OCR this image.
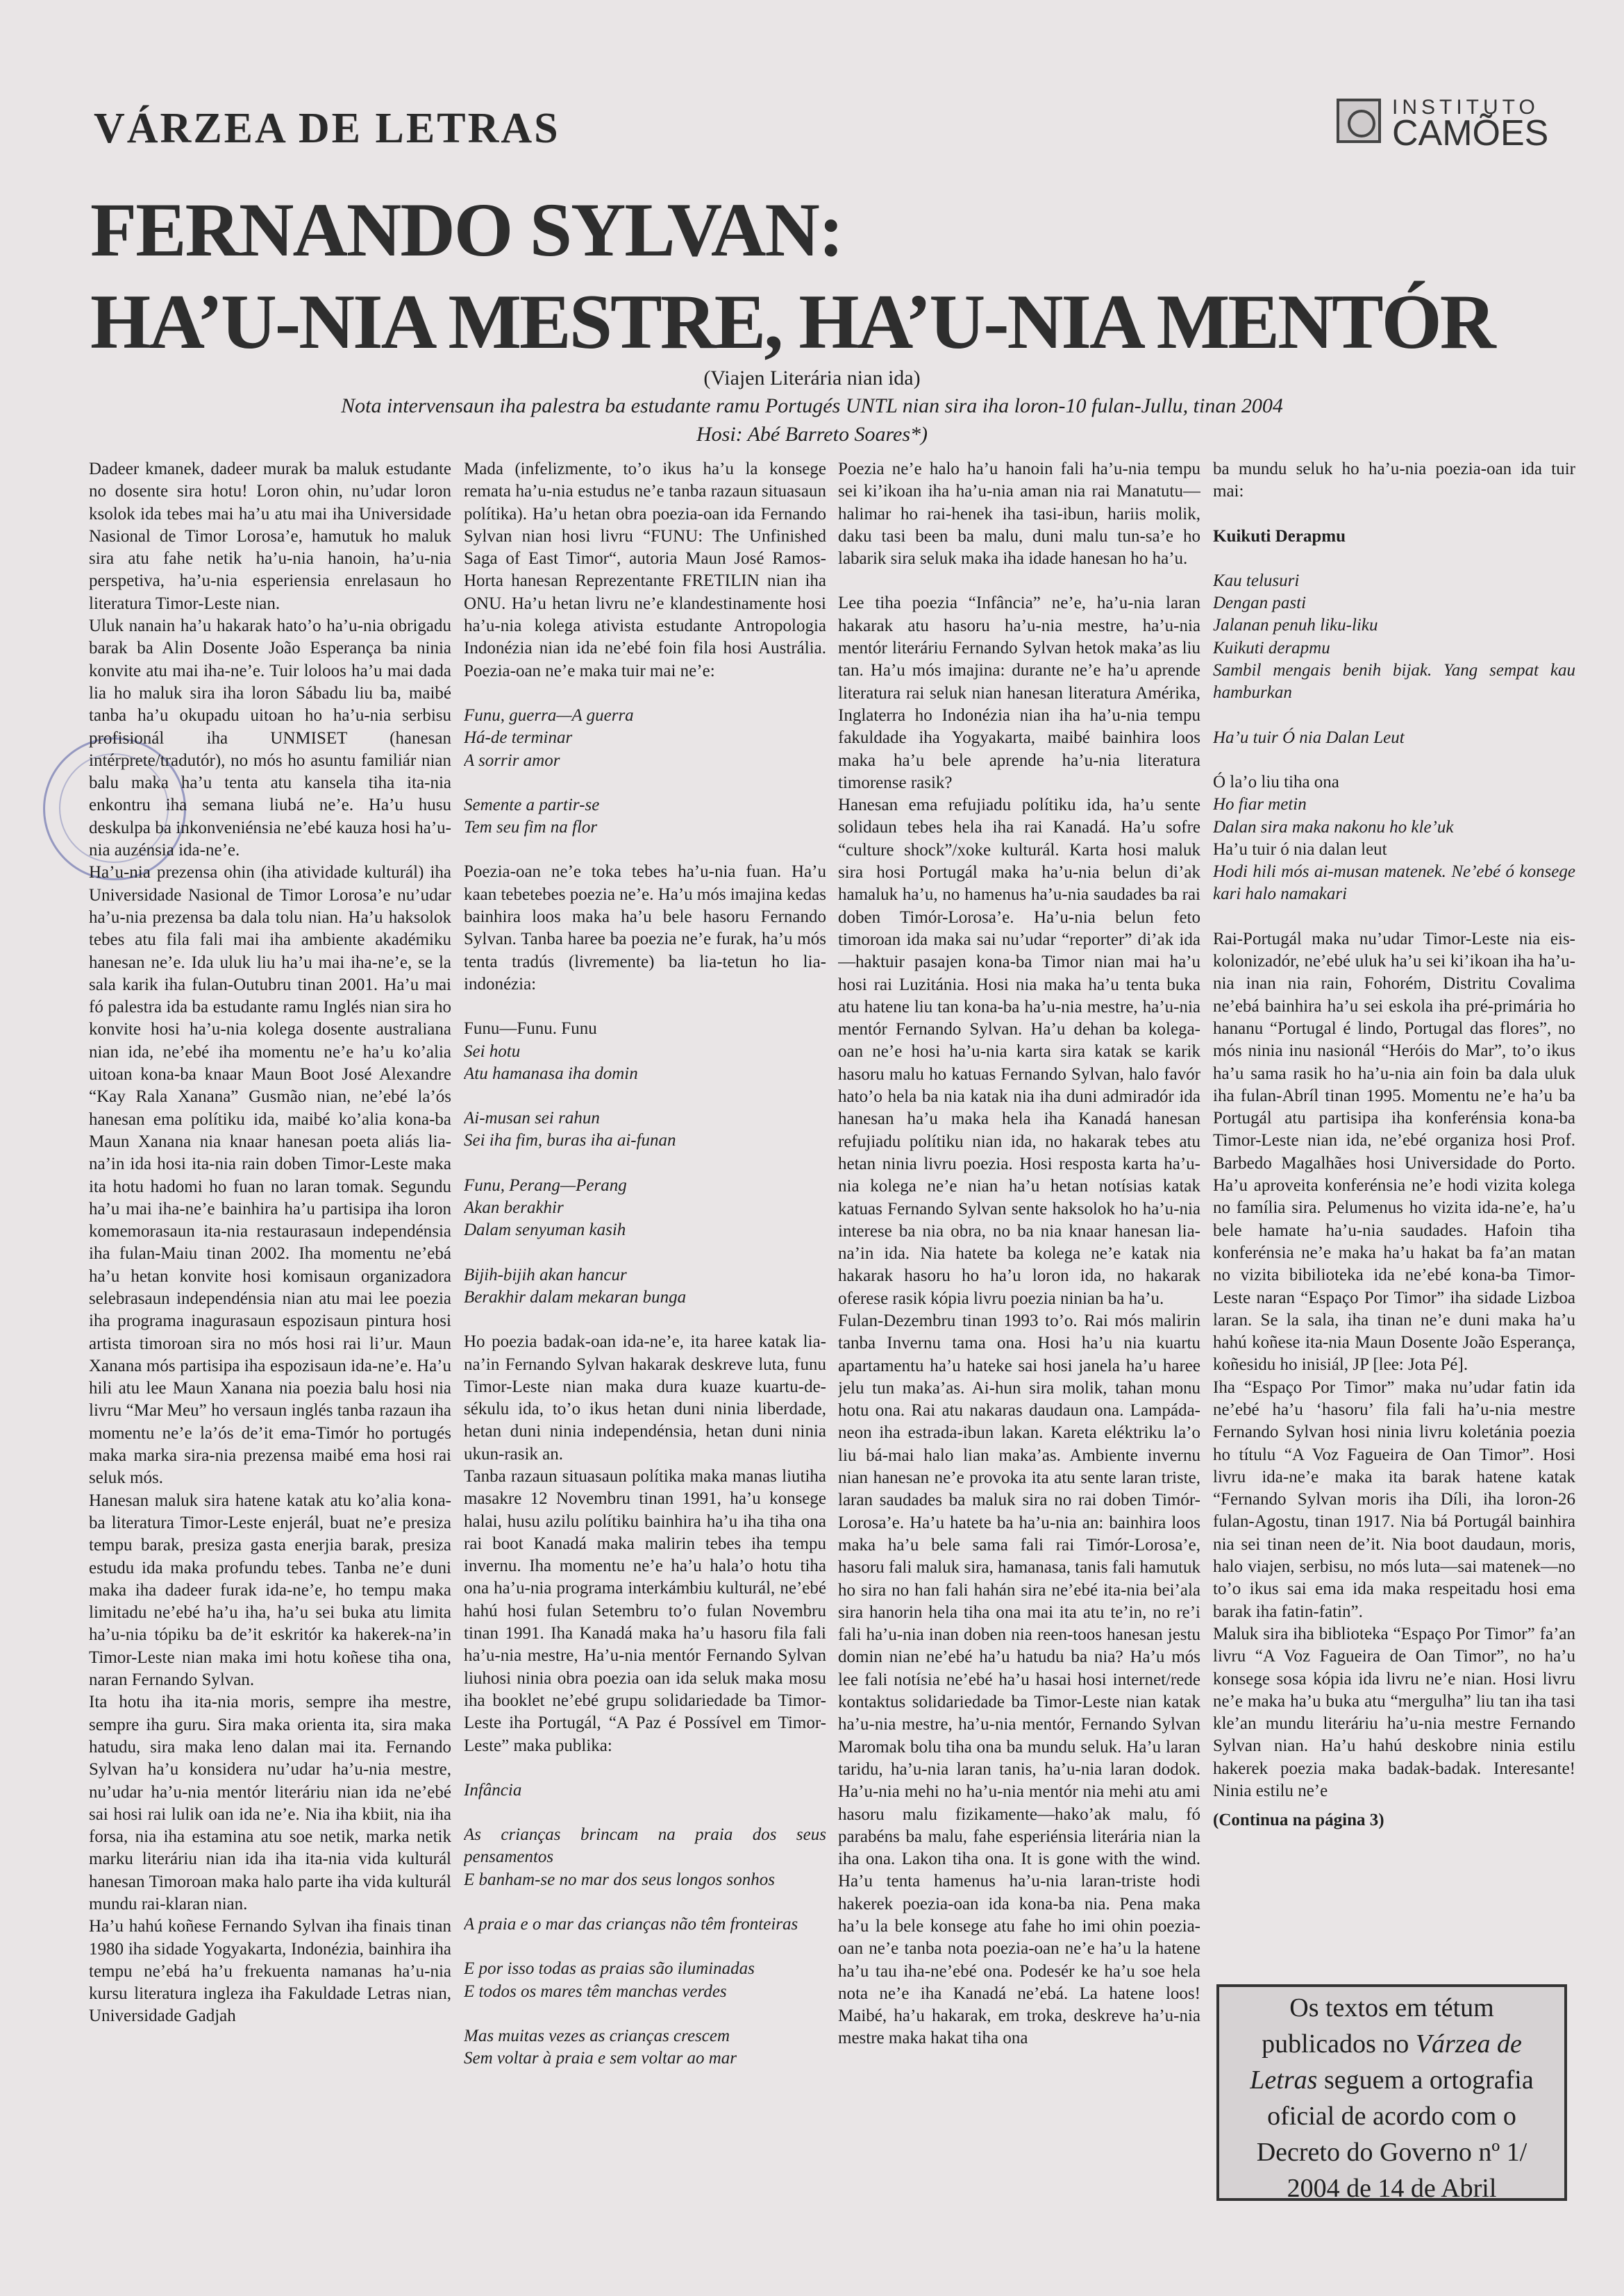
VÁRZEA DE LETRAS	INSTITUTO
CAMÕES
FERNANDO SYLVAN:
HA’U-NIA MESTRE, HA’U-NIA MENTÓR
(Viajen Literária nian ida)
Nota intervensaun iha palestra ba estudante ramu Portugés UNTL nian sira iha loron-10 fulan-Jullu, tinan 2004
Hosi: Abé Barreto Soares*)

Dadeer kmanek, dadeer murak ba maluk estudante no dosente sira hotu! Loron ohin, nu’udar loron ksolok ida tebes mai ha’u atu mai iha Universidade Nasional de Timor Lorosa’e, hamutuk ho maluk sira atu fahe netik ha’u-nia hanoin, ha’u-nia perspetiva, ha’u-nia esperiensia enrelasaun ho literatura Timor-Leste nian.

Uluk nanain ha’u hakarak hato’o ha’u-nia obrigadu barak ba Alin Dosente João Esperança ba ninia konvite atu mai iha-ne’e. Tuir loloos ha’u mai dada lia ho maluk sira iha loron Sábadu liu ba, maibé tanba ha’u okupadu uitoan ho ha’u-nia serbisu profisionál iha UNMISET (hanesan intérprete/tradutór), no mós ho asuntu familiár nian balu maka ha’u tenta atu kansela tiha ita-nia enkontru iha semana liubá ne’e. Ha’u husu deskulpa ba inkonveniénsia ne’ebé kauza hosi ha’u-nia auzénsia ida-ne’e.

Ha’u-nia prezensa ohin (iha atividade kulturál) iha Universidade Nasional de Timor Lorosa’e nu’udar ha’u-nia prezensa ba dala tolu nian. Ha’u haksolok tebes atu fila fali mai iha ambiente akadémiku hanesan ne’e. Ida uluk liu ha’u mai iha-ne’e, se la sala karik iha fulan-Outubru tinan 2001. Ha’u mai fó palestra ida ba estudante ramu Inglés nian sira ho konvite hosi ha’u-nia kolega dosente australiana nian ida, ne’ebé iha momentu ne’e ha’u ko’alia uitoan kona-ba knaar Maun Boot José Alexandre “Kay Rala Xanana” Gusmão nian, ne’ebé la’ós hanesan ema polítiku ida, maibé ko’alia kona-ba Maun Xanana nia knaar hanesan poeta aliás lia-na’in ida hosi ita-nia rain doben Timor-Leste maka ita hotu hadomi ho fuan no laran tomak. Segundu ha’u mai iha-ne’e bainhira ha’u partisipa iha loron komemorasaun ita-nia restaurasaun independénsia iha fulan-Maiu tinan 2002. Iha momentu ne’ebá ha’u hetan konvite hosi komisaun organizadora selebrasaun independénsia nian atu mai lee poezia iha programa inagurasaun espozisaun pintura hosi artista timoroan sira no mós hosi rai li’ur. Maun Xanana mós partisipa iha espozisaun ida-ne’e. Ha’u hili atu lee Maun Xanana nia poezia balu hosi nia livru “Mar Meu” ho versaun inglés tanba razaun iha momentu ne’e la’ós de’it ema-Timór ho portugés maka marka sira-nia prezensa maibé ema hosi rai seluk mós.

Hanesan maluk sira hatene katak atu ko’alia kona-ba literatura Timor-Leste enjerál, buat ne’e presiza tempu barak, presiza gasta enerjia barak, presiza estudu ida maka profundu tebes. Tanba ne’e duni maka iha dadeer furak ida-ne’e, ho tempu maka limitadu ne’ebé ha’u iha, ha’u sei buka atu limita ha’u-nia tópiku ba de’it eskritór ka hakerek-na’in Timor-Leste nian maka imi hotu koñese tiha ona, naran Fernando Sylvan.

Ita hotu iha ita-nia moris, sempre iha mestre, sempre iha guru. Sira maka orienta ita, sira maka hatudu, sira maka leno dalan mai ita. Fernando Sylvan ha’u konsidera nu’udar ha’u-nia mestre, nu’udar ha’u-nia mentór literáriu nian ida ne’ebé sai hosi rai lulik oan ida ne’e. Nia iha kbiit, nia iha forsa, nia iha estamina atu soe netik, marka netik marku literáriu nian ida iha ita-nia vida kulturál hanesan Timoroan maka halo parte iha vida kulturál mundu rai-klaran nian.

Ha’u hahú koñese Fernando Sylvan iha finais tinan 1980 iha sidade Yogyakarta, Indonézia, bainhira iha tempu ne’ebá ha’u frekuenta namanas ha’u-nia kursu literatura ingleza iha Fakuldade Letras nian, Universidade Gadjah

Mada (infelizmente, to’o ikus ha’u la konsege remata ha’u-nia estudus ne’e tanba razaun situasaun polítika). Ha’u hetan obra poezia-oan ida Fernando Sylvan nian hosi livru “FUNU: The Unfinished Saga of East Timor“, autoria Maun José Ramos-Horta hanesan Reprezentante FRETILIN nian iha ONU. Ha’u hetan livru ne’e klandestinamente hosi ha’u-nia kolega ativista estudante Antropologia Indonézia nian ida ne’ebé foin fila hosi Austrália. Poezia-oan ne’e maka tuir mai ne’e:

Funu, guerra—A guerra

Há-de terminar

A sorrir amor

Semente a partir-se

Tem seu fim na flor

Poezia-oan ne’e toka tebes ha’u-nia fuan. Ha’u kaan tebetebes poezia ne’e. Ha’u mós imajina kedas bainhira loos maka ha’u bele hasoru Fernando Sylvan. Tanba haree ba poezia ne’e furak, ha’u mós tenta tradús (livremente) ba lia-tetun ho lia-indonézia:

Funu—Funu. Funu

Sei hotu

Atu hamanasa iha domin

Ai-musan sei rahun

Sei iha fim, buras iha ai-funan

Funu, Perang—Perang

Akan berakhir

Dalam senyuman kasih

Bijih-bijih akan hancur

Berakhir dalam mekaran bunga

Ho poezia badak-oan ida-ne’e, ita haree katak lia-na’in Fernando Sylvan hakarak deskreve luta, funu Timor-Leste nian maka dura kuaze kuartu-de-sékulu ida, to’o ikus hetan duni ninia liberdade, hetan duni ninia independénsia, hetan duni ninia ukun-rasik an.

Tanba razaun situasaun polítika maka manas liutiha masakre 12 Novembru tinan 1991, ha’u konsege halai, husu azilu polítiku bainhira ha’u iha tiha ona rai boot Kanadá maka malirin tebes iha tempu invernu. Iha momentu ne’e ha’u hala’o hotu tiha ona ha’u-nia programa interkámbiu kulturál, ne’ebé hahú hosi fulan Setembru to’o fulan Novembru tinan 1991. Iha Kanadá maka ha’u hasoru fila fali ha’u-nia mestre, Ha’u-nia mentór Fernando Sylvan liuhosi ninia obra poezia oan ida seluk maka mosu iha booklet ne’ebé grupu solidariedade ba Timor-Leste iha Portugál, “A Paz é Possível em Timor-Leste” maka publika:

Infância

As crianças brincam na praia dos seus pensamentos

E banham-se no mar dos seus longos sonhos

A praia e o mar das crianças não têm fronteiras

E por isso todas as praias são iluminadas

E todos os mares têm manchas verdes

Mas muitas vezes as crianças crescem

Sem voltar à praia e sem voltar ao mar

Poezia ne’e halo ha’u hanoin fali ha’u-nia tempu sei ki’ikoan iha ha’u-nia aman nia rai Manatutu—halimar ho rai-henek iha tasi-ibun, hariis molik, daku tasi been ba malu, duni malu tun-sa’e ho labarik sira seluk maka iha idade hanesan ho ha’u.

Lee tiha poezia “Infância” ne’e, ha’u-nia laran hakarak atu hasoru ha’u-nia mestre, ha’u-nia mentór literáriu Fernando Sylvan hetok maka’as liu tan. Ha’u mós imajina: durante ne’e ha’u aprende literatura rai seluk nian hanesan literatura Amérika, Inglaterra ho Indonézia nian iha ha’u-nia tempu fakuldade iha Yogyakarta, maibé bainhira loos maka ha’u bele aprende ha’u-nia literatura timorense rasik?

Hanesan ema refujiadu polítiku ida, ha’u sente solidaun tebes hela iha rai Kanadá. Ha’u sofre “culture shock”/xoke kulturál. Karta hosi maluk sira hosi Portugál maka ha’u-nia belun di’ak hamaluk ha’u, no hamenus ha’u-nia saudades ba rai doben Timór-Lorosa’e. Ha’u-nia belun feto timoroan ida maka sai nu’udar “reporter” di’ak ida—haktuir pasajen kona-ba Timor nian mai ha’u hosi rai Luzitánia. Hosi nia maka ha’u tenta buka atu hatene liu tan kona-ba ha’u-nia mestre, ha’u-nia mentór Fernando Sylvan. Ha’u dehan ba kolega-oan ne’e hosi ha’u-nia karta sira katak se karik hasoru malu ho katuas Fernando Sylvan, halo favór hato’o hela ba nia katak nia iha duni admiradór ida hanesan ha’u maka hela iha Kanadá hanesan refujiadu polítiku nian ida, no hakarak tebes atu hetan ninia livru poezia. Hosi resposta karta ha’u-nia kolega ne’e nian ha’u hetan notísias katak katuas Fernando Sylvan sente haksolok ho ha’u-nia interese ba nia obra, no ba nia knaar hanesan lia-na’in ida. Nia hatete ba kolega ne’e katak nia hakarak hasoru ho ha’u loron ida, no hakarak oferese rasik kópia livru poezia ninian ba ha’u.

Fulan-Dezembru tinan 1993 to’o. Rai mós malirin tanba Invernu tama ona. Hosi ha’u nia kuartu apartamentu ha’u hateke sai hosi janela ha’u haree jelu tun maka’as. Ai-hun sira molik, tahan monu hotu ona. Rai atu nakaras daudaun ona. Lampáda-neon iha estrada-ibun lakan. Kareta eléktriku la’o liu bá-mai halo lian maka’as. Ambiente invernu nian hanesan ne’e provoka ita atu sente laran triste, laran saudades ba maluk sira no rai doben Timór-Lorosa’e. Ha’u hatete ba ha’u-nia an: bainhira loos maka ha’u bele sama fali rai Timór-Lorosa’e, hasoru fali maluk sira, hamanasa, tanis fali hamutuk ho sira no han fali hahán sira ne’ebé ita-nia bei’ala sira hanorin hela tiha ona mai ita atu te’in, no re’i fali ha’u-nia inan doben nia reen-toos hanesan jestu domin nian ne’ebé ha’u hatudu ba nia? Ha’u mós lee fali notísia ne’ebé ha’u hasai hosi internet/rede kontaktus solidariedade ba Timor-Leste nian katak ha’u-nia mestre, ha’u-nia mentór, Fernando Sylvan Maromak bolu tiha ona ba mundu seluk. Ha’u laran taridu, ha’u-nia laran tanis, ha’u-nia laran dodok. Ha’u-nia mehi no ha’u-nia mentór nia mehi atu ami hasoru malu fizikamente—hako’ak malu, fó parabéns ba malu, fahe esperiénsia literária nian la iha ona. Lakon tiha ona. It is gone with the wind. Ha’u tenta hamenus ha’u-nia laran-triste hodi hakerek poezia-oan ida kona-ba nia. Pena maka ha’u la bele konsege atu fahe ho imi ohin poezia-oan ne’e tanba nota poezia-oan ne’e ha’u la hatene ha’u tau iha-ne’ebé ona. Podesér ke ha’u soe hela nota ne’e iha Kanadá ne’ebá. La hatene loos! Maibé, ha’u hakarak, em troka, deskreve ha’u-nia mestre maka hakat tiha ona

ba mundu seluk ho ha’u-nia poezia-oan ida tuir mai:

Kuikuti Derapmu

Kau telusuri

Dengan pasti

Jalanan penuh liku-liku

Kuikuti derapmu

Sambil mengais benih bijak. Yang sempat kau hamburkan

Ha’u tuir Ó nia Dalan Leut

Ó la’o liu tiha ona

Ho fiar metin

Dalan sira maka nakonu ho kle’uk

Ha’u tuir ó nia dalan leut

Hodi hili mós ai-musan matenek. Ne’ebé ó konsege kari halo namakari

Rai-Portugál maka nu’udar Timor-Leste nia eis-kolonizadór, ne’ebé uluk ha’u sei ki’ikoan iha ha’u-nia inan nia rain, Fohorém, Distritu Covalima ne’ebá bainhira ha’u sei eskola iha pré-primária ho hananu “Portugal é lindo, Portugal das flores”, no mós ninia inu nasionál “Heróis do Mar”, to’o ikus ha’u sama rasik ho ha’u-nia ain foin ba dala uluk iha fulan-Abríl tinan 1995. Momentu ne’e ha’u ba Portugál atu partisipa iha konferénsia kona-ba Timor-Leste nian ida, ne’ebé organiza hosi Prof. Barbedo Magalhães hosi Universidade do Porto. Ha’u aproveita konferénsia ne’e hodi vizita kolega no família sira. Pelumenus ho vizita ida-ne’e, ha’u bele hamate ha’u-nia saudades. Hafoin tiha konferénsia ne’e maka ha’u hakat ba fa’an matan no vizita bibilioteka ida ne’ebé kona-ba Timor-Leste naran “Espaço Por Timor” iha sidade Lizboa laran. Se la sala, iha tinan ne’e duni maka ha’u hahú koñese ita-nia Maun Dosente João Esperança, koñesidu ho inisiál, JP [lee: Jota Pé].

Iha “Espaço Por Timor” maka nu’udar fatin ida ne’ebé ha’u ‘hasoru’ fila fali ha’u-nia mestre Fernando Sylvan hosi ninia livru koletánia poezia ho títulu “A Voz Fagueira de Oan Timor”. Hosi livru ida-ne’e maka ita barak hatene katak “Fernando Sylvan moris iha Díli, iha loron-26 fulan-Agostu, tinan 1917. Nia bá Portugál bainhira nia sei tinan neen de’it. Nia boot daudaun, moris, halo viajen, serbisu, no mós luta—sai matenek—no to’o ikus sai ema ida maka respeitadu hosi ema barak iha fatin-fatin”.

Maluk sira iha biblioteka “Espaço Por Timor” fa’an livru “A Voz Fagueira de Oan Timor”, no ha’u konsege sosa kópia ida livru ne’e nian. Hosi livru ne’e maka ha’u buka atu “mergulha” liu tan iha tasi kle’an mundu literáriu ha’u-nia mestre Fernando Sylvan nian. Ha’u hahú deskobre ninia estilu hakerek poezia maka badak-badak. Interesante! Ninia estilu ne’e

(Continua na página 3)

Os textos em tétum
publicados no Várzea de
Letras seguem a ortografia
oficial de acordo com o
Decreto do Governo nº 1/
2004 de 14 de Abril
